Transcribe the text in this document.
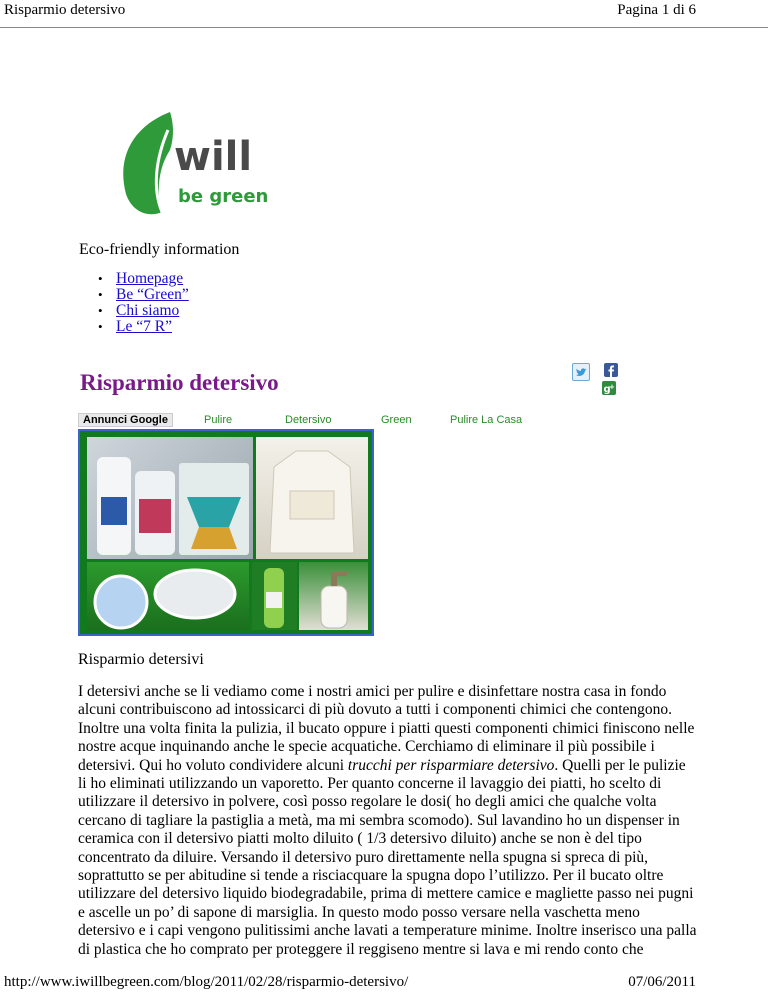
Risparmio detersivo	Pagina 1 di 6
will
be green
Eco-friendly information
• Homepage
• Be “Green”
• Chi siamo
• Le “7 R”
Risparmio detersivo	g
+
Annunci Google	Pulire	Detersivo	Green	Pulire La Casa
Risparmio detersivi

I detersivi anche se li vediamo come i nostri amici per pulire e disinfettare nostra casa in fondo alcuni contribuiscono ad intossicarci di più dovuto a tutti i componenti chimici che contengono. Inoltre una volta finita la pulizia, il bucato oppure i piatti questi componenti chimici finiscono nelle nostre acque inquinando anche le specie acquatiche. Cerchiamo di eliminare il più possibile i detersivi. Qui ho voluto condividere alcuni trucchi per risparmiare detersivo. Quelli per le pulizie li ho eliminati utilizzando un vaporetto. Per quanto concerne il lavaggio dei piatti, ho scelto di utilizzare il detersivo in polvere, così posso regolare le dosi( ho degli amici che qualche volta cercano di tagliare la pastiglia a metà, ma mi sembra scomodo). Sul lavandino ho un dispenser in ceramica con il detersivo piatti molto diluito ( 1/3 detersivo diluito) anche se non è del tipo concentrato da diluire. Versando il detersivo puro direttamente nella spugna si spreca di più, soprattutto se per abitudine si tende a risciacquare la spugna dopo l’utilizzo. Per il bucato oltre utilizzare del detersivo liquido biodegradabile, prima di mettere camice e magliette passo nei pugni e ascelle un po’ di sapone di marsiglia. In questo modo posso versare nella vaschetta meno detersivo e i capi vengono pulitissimi anche lavati a temperature minime. Inoltre inserisco una palla di plastica che ho comprato per proteggere il reggiseno mentre si lava e mi rendo conto che

http://www.iwillbegreen.com/blog/2011/02/28/risparmio-detersivo/	07/06/2011
